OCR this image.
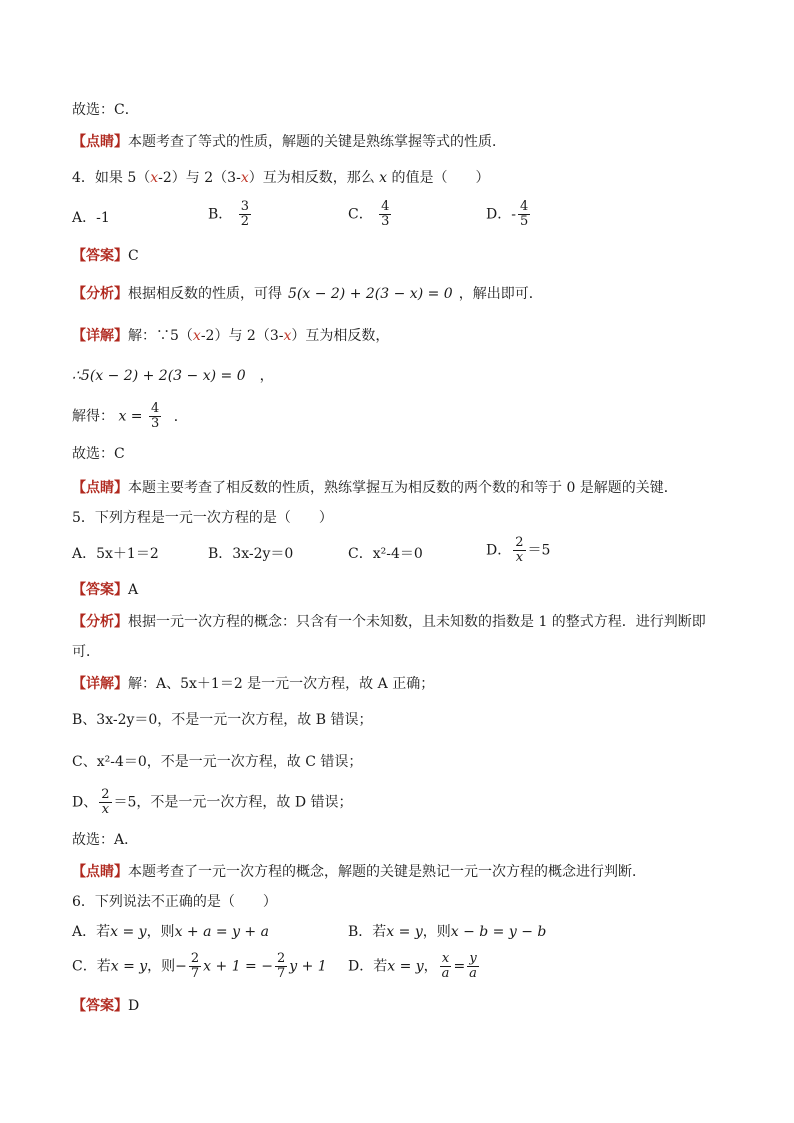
故选：C．
【点睛】本题考查了等式的性质，解题的关键是熟练掌握等式的性质．
4．如果 5（x-2）与 2（3-x）互为相反数，那么 x 的值是（　　）
A．-1	B． $\frac{3}{2}$	C． $\frac{4}{3}$	D．- $\frac{4}{5}$
【答案】C
【分析】根据相反数的性质，可得 5(x − 2) + 2(3 − x) = 0 ，解出即可．
【详解】解：∵5（x-2）与 2（3-x）互为相反数，
∴5(x − 2) + 2(3 − x) = 0 ，
解得： $x = \frac{4}{3}$ ．
故选：C
【点睛】本题主要考查了相反数的性质，熟练掌握互为相反数的两个数的和等于 0 是解题的关键．
5．下列方程是一元一次方程的是（　　）
A．5x＋1＝2	B．3x-2y＝0	C．x²-4＝0	D． $\frac{2}{x} =5$
【答案】A
【分析】根据一元一次方程的概念：只含有一个未知数，且未知数的指数是 1 的整式方程．进行判断即
可．
【详解】解：A、5x＋1＝2 是一元一次方程，故 A 正确；
B、3x-2y＝0，不是一元一次方程，故 B 错误；
C、x²-4＝0，不是一元一次方程，故 C 错误；
D、 $\frac{2}{x} =5$，不是一元一次方程，故 D 错误；
故选：A．
【点睛】本题考查了一元一次方程的概念，解题的关键是熟记一元一次方程的概念进行判断．
6．下列说法不正确的是（　　）
A．若x = y，则x + a = y + a	B．若x = y，则x − b = y − b
C．若x = y，则− $\frac{2}{7}$ x + 1 = − $\frac{2}{7}$ y + 1 D．若x = y， $\frac{x}{a} = \frac{y}{a}$
【答案】D
